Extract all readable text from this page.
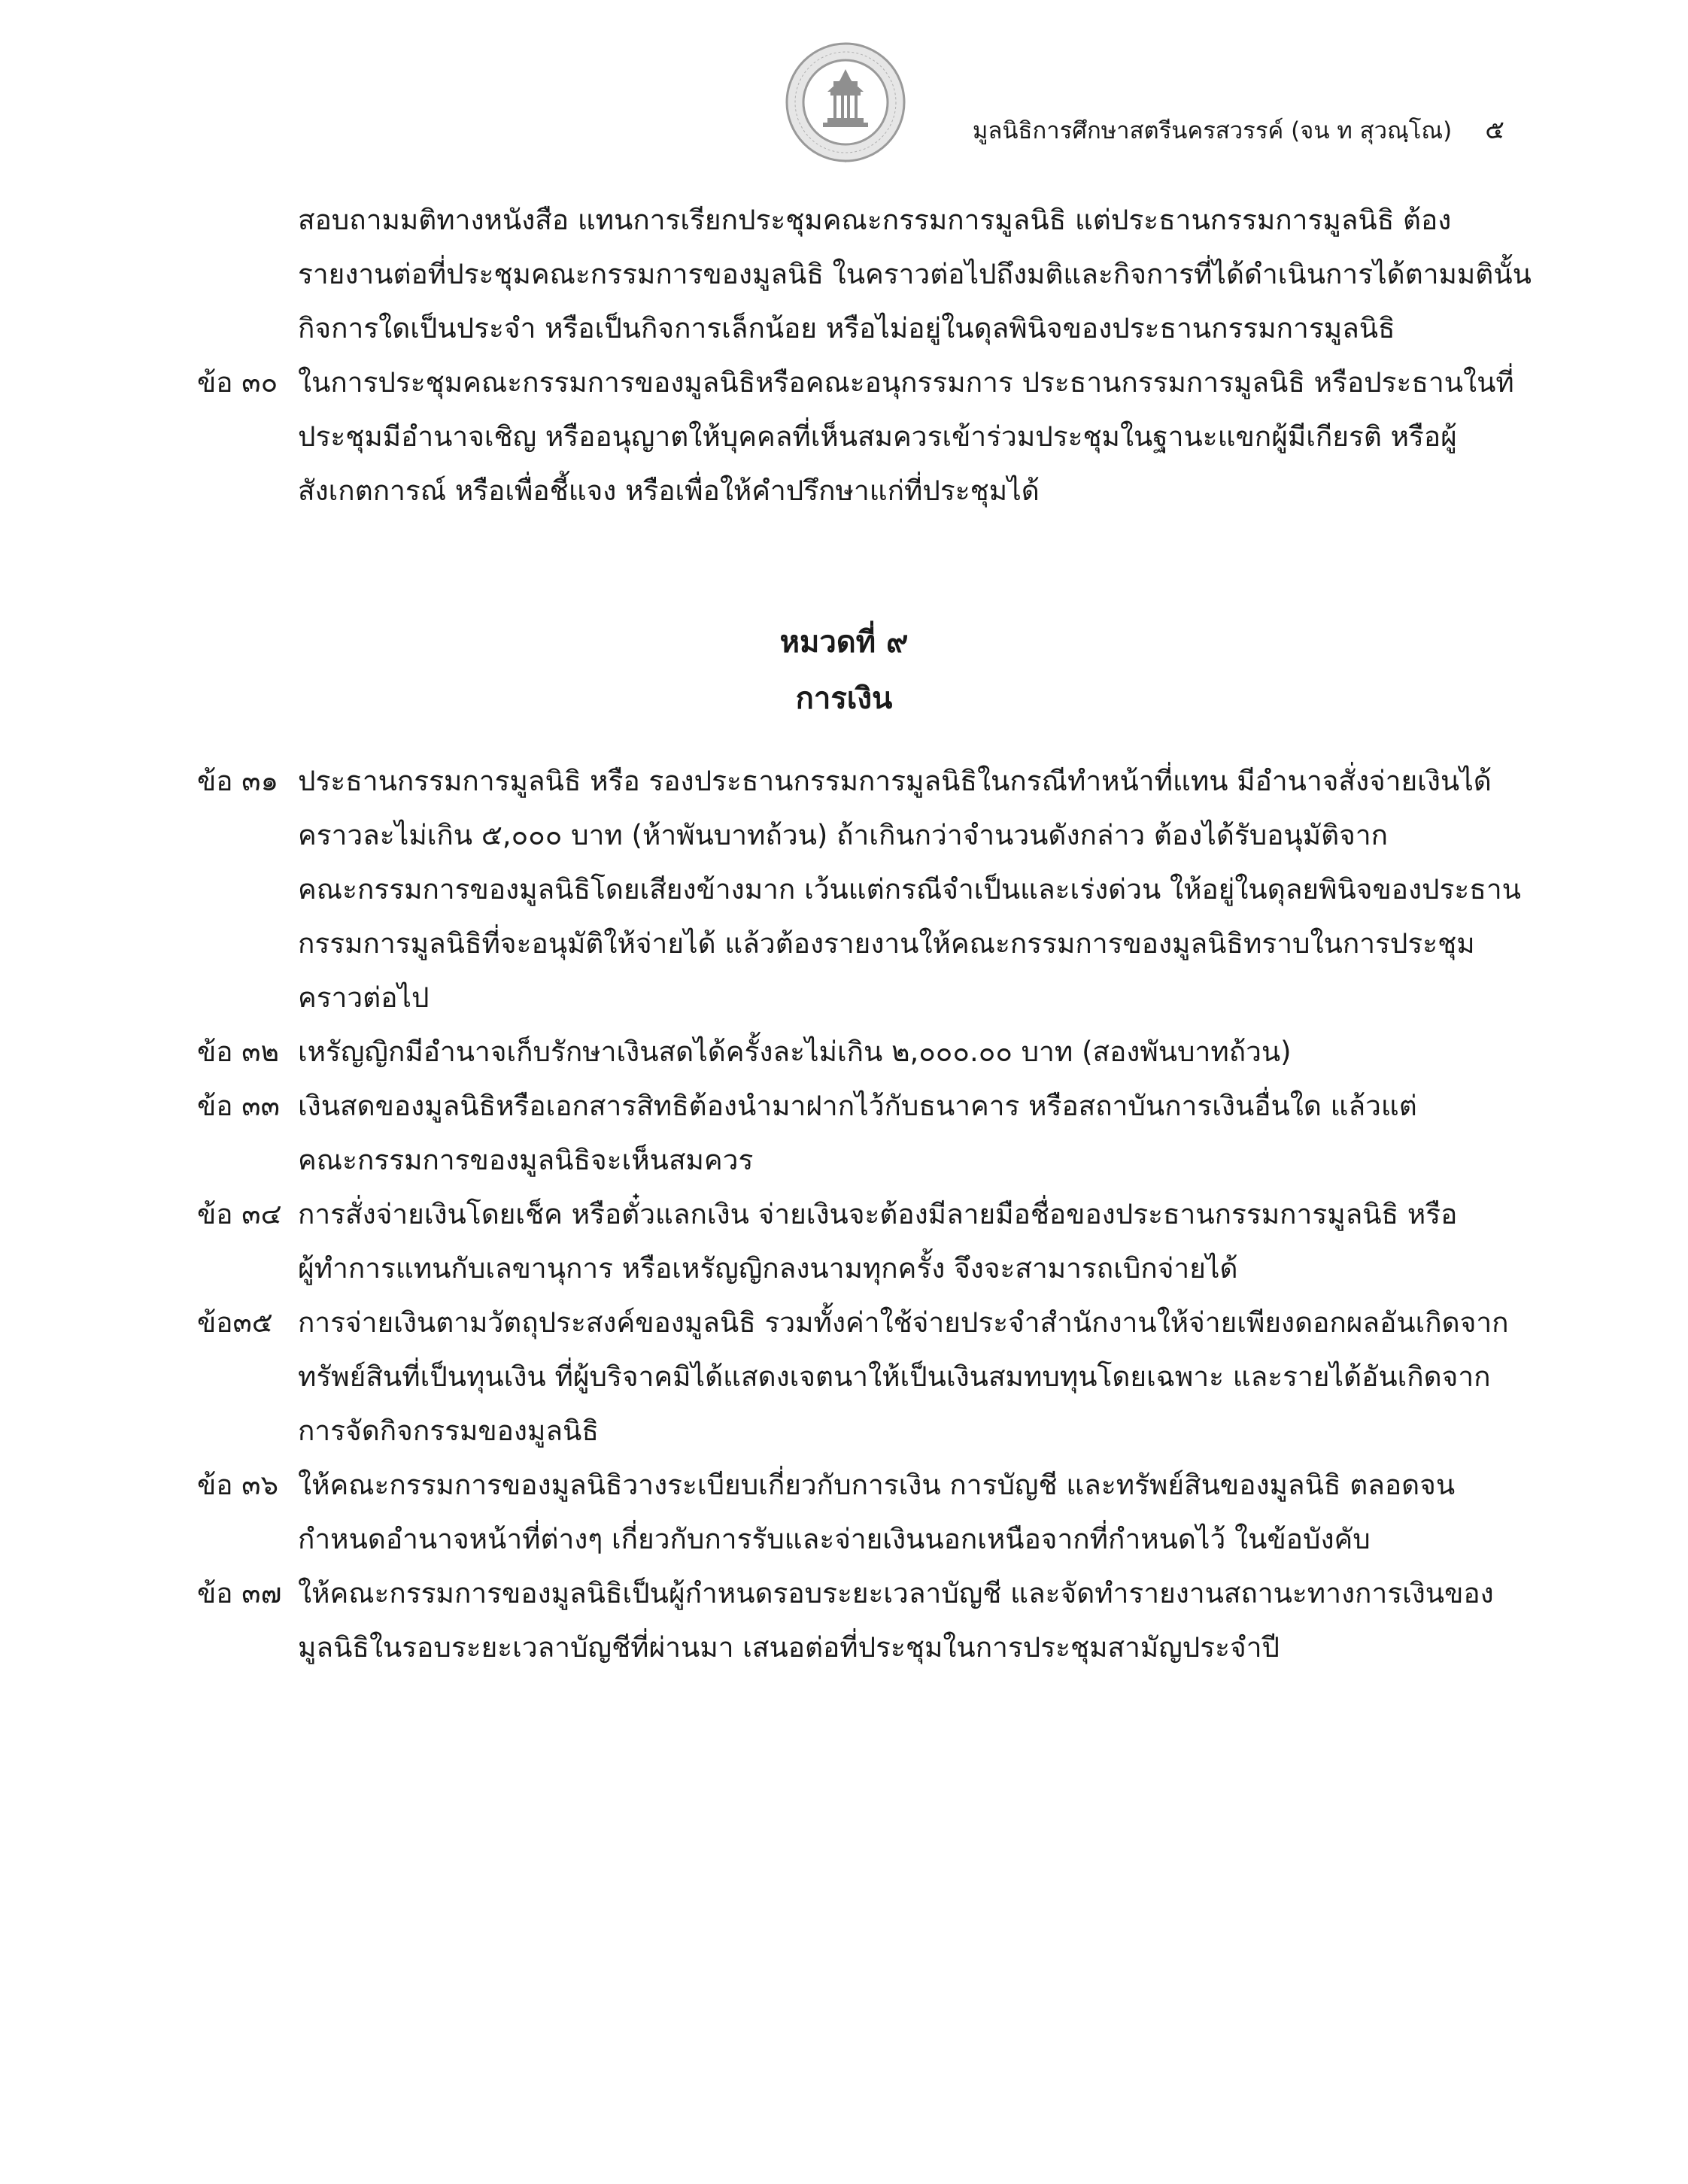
มูลนิธิการศึกษาสตรีนครสวรรค์ (จน ท สุวณฺโณ) ๕
สอบถามมติทางหนังสือ แทนการเรียกประชุมคณะกรรมการมูลนิธิ แต่ประธานกรรมการมูลนิธิ ต้อง
รายงานต่อที่ประชุมคณะกรรมการของมูลนิธิ ในคราวต่อไปถึงมติและกิจการที่ได้ดำเนินการได้ตามมตินั้น
กิจการใดเป็นประจำ หรือเป็นกิจการเล็กน้อย หรือไม่อยู่ในดุลพินิจของประธานกรรมการมูลนิธิ
ข้อ ๓๐ ในการประชุมคณะกรรมการของมูลนิธิหรือคณะอนุกรรมการ ประธานกรรมการมูลนิธิ หรือประธานในที่
ประชุมมีอำนาจเชิญ หรืออนุญาตให้บุคคลที่เห็นสมควรเข้าร่วมประชุมในฐานะแขกผู้มีเกียรติ หรือผู้
สังเกตการณ์ หรือเพื่อชี้แจง หรือเพื่อให้คำปรึกษาแก่ที่ประชุมได้
หมวดที่ ๙
การเงิน
ข้อ ๓๑ ประธานกรรมการมูลนิธิ หรือ รองประธานกรรมการมูลนิธิในกรณีทำหน้าที่แทน มีอำนาจสั่งจ่ายเงินได้
คราวละไม่เกิน ๕,๐๐๐ บาท (ห้าพันบาทถ้วน) ถ้าเกินกว่าจำนวนดังกล่าว ต้องได้รับอนุมัติจาก
คณะกรรมการของมูลนิธิโดยเสียงข้างมาก เว้นแต่กรณีจำเป็นและเร่งด่วน ให้อยู่ในดุลยพินิจของประธาน
กรรมการมูลนิธิที่จะอนุมัติให้จ่ายได้ แล้วต้องรายงานให้คณะกรรมการของมูลนิธิทราบในการประชุม
คราวต่อไป
ข้อ ๓๒ เหรัญญิกมีอำนาจเก็บรักษาเงินสดได้ครั้งละไม่เกิน ๒,๐๐๐.๐๐ บาท (สองพันบาทถ้วน)
ข้อ ๓๓ เงินสดของมูลนิธิหรือเอกสารสิทธิต้องนำมาฝากไว้กับธนาคาร หรือสถาบันการเงินอื่นใด แล้วแต่
คณะกรรมการของมูลนิธิจะเห็นสมควร
ข้อ ๓๔ การสั่งจ่ายเงินโดยเช็ค หรือตั๋วแลกเงิน จ่ายเงินจะต้องมีลายมือชื่อของประธานกรรมการมูลนิธิ หรือ
ผู้ทำการแทนกับเลขานุการ หรือเหรัญญิกลงนามทุกครั้ง จึงจะสามารถเบิกจ่ายได้
ข้อ๓๕ การจ่ายเงินตามวัตถุประสงค์ของมูลนิธิ รวมทั้งค่าใช้จ่ายประจำสำนักงานให้จ่ายเพียงดอกผลอันเกิดจาก
ทรัพย์สินที่เป็นทุนเงิน ที่ผู้บริจาคมิได้แสดงเจตนาให้เป็นเงินสมทบทุนโดยเฉพาะ และรายได้อันเกิดจาก
การจัดกิจกรรมของมูลนิธิ
ข้อ ๓๖ ให้คณะกรรมการของมูลนิธิวางระเบียบเกี่ยวกับการเงิน การบัญชี และทรัพย์สินของมูลนิธิ ตลอดจน
กำหนดอำนาจหน้าที่ต่างๆ เกี่ยวกับการรับและจ่ายเงินนอกเหนือจากที่กำหนดไว้ ในข้อบังคับ
ข้อ ๓๗ ให้คณะกรรมการของมูลนิธิเป็นผู้กำหนดรอบระยะเวลาบัญชี และจัดทำรายงานสถานะทางการเงินของ
มูลนิธิในรอบระยะเวลาบัญชีที่ผ่านมา เสนอต่อที่ประชุมในการประชุมสามัญประจำปี
